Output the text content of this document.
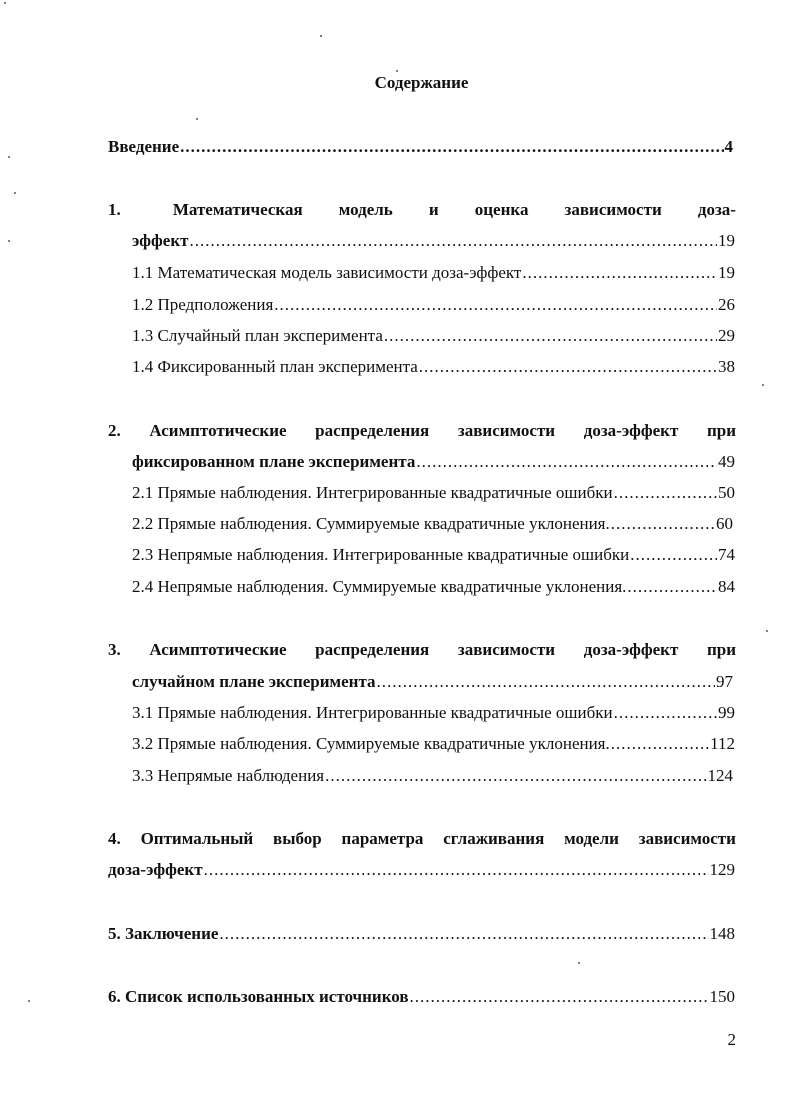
Содержание
Введение .....	4
1.	Математическая модель и оценка зависимости доза-
эффект .....	19
1.1 Математическая модель зависимости доза-эффект .....	19
1.2 Предположения .....	26
1.3 Случайный план эксперимента .....	29
1.4 Фиксированный план эксперимента .....	38
2. Асимптотические распределения зависимости доза-эффект при
фиксированном плане эксперимента .....	49
2.1 Прямые наблюдения. Интегрированные квадратичные ошибки .....	50
2.2 Прямые наблюдения. Суммируемые квадратичные уклонения. .....	60
2.3 Непрямые наблюдения. Интегрированные квадратичные ошибки .....	74
2.4 Непрямые наблюдения. Суммируемые квадратичные уклонения. .....	84
3. Асимптотические распределения зависимости доза-эффект при
случайном плане эксперимента .....	97
3.1 Прямые наблюдения. Интегрированные квадратичные ошибки .....	99
3.2 Прямые наблюдения. Суммируемые квадратичные уклонения. .....	112
3.3 Непрямые наблюдения .....	124
4. Оптимальный выбор параметра сглаживания модели зависимости
доза-эффект .....	129
5. Заключение .....	148
6. Список использованных источников .....	150
2
